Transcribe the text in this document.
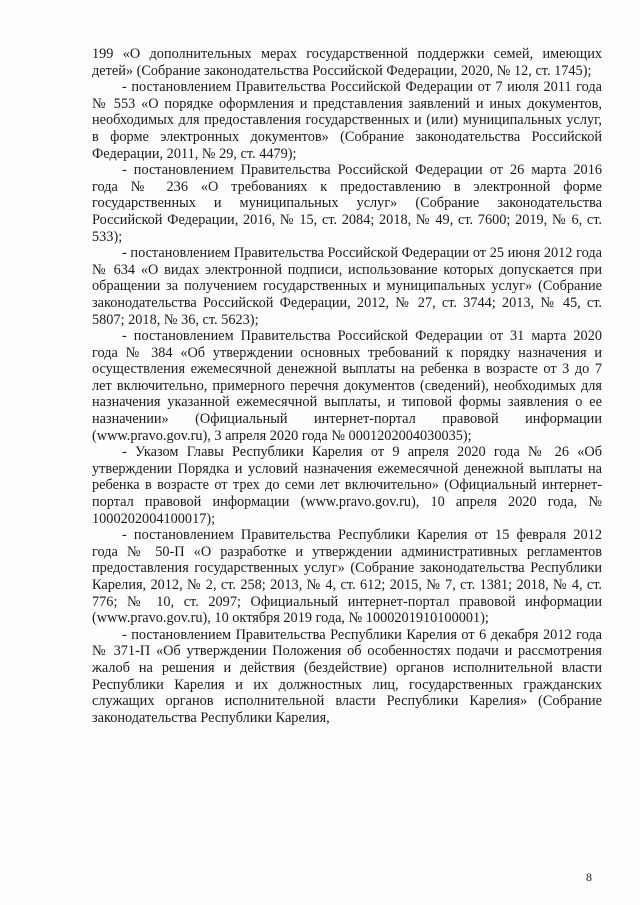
199 «О дополнительных мерах государственной поддержки семей, имеющих детей» (Собрание законодательства Российской Федерации, 2020, № 12, ст. 1745);

- постановлением Правительства Российской Федерации от 7 июля 2011 года № 553 «О порядке оформления и представления заявлений и иных документов, необходимых для предоставления государственных и (или) муниципальных услуг, в форме электронных документов» (Собрание законодательства Российской Федерации, 2011, № 29, ст. 4479);

- постановлением Правительства Российской Федерации от 26 марта 2016 года № 236 «О требованиях к предоставлению в электронной форме государственных и муниципальных услуг» (Собрание законодательства Российской Федерации, 2016, № 15, ст. 2084; 2018, № 49, ст. 7600; 2019, № 6, ст. 533);

- постановлением Правительства Российской Федерации от 25 июня 2012 года № 634 «О видах электронной подписи, использование которых допускается при обращении за получением государственных и муниципальных услуг» (Собрание законодательства Российской Федерации, 2012, № 27, ст. 3744; 2013, № 45, ст. 5807; 2018, № 36, ст. 5623);

- постановлением Правительства Российской Федерации от 31 марта 2020 года № 384 «Об утверждении основных требований к порядку назначения и осуществления ежемесячной денежной выплаты на ребенка в возрасте от 3 до 7 лет включительно, примерного перечня документов (сведений), необходимых для назначения указанной ежемесячной выплаты, и типовой формы заявления о ее назначении» (Официальный интернет-портал правовой информации (www.pravo.gov.ru), 3 апреля 2020 года № 0001202004030035);

- Указом Главы Республики Карелия от 9 апреля 2020 года № 26 «Об утверждении Порядка и условий назначения ежемесячной денежной выплаты на ребенка в возрасте от трех до семи лет включительно» (Официальный интернет-портал правовой информации (www.pravo.gov.ru), 10 апреля 2020 года, № 1000202004100017);

- постановлением Правительства Республики Карелия от 15 февраля 2012 года № 50-П «О разработке и утверждении административных регламентов предоставления государственных услуг» (Собрание законодательства Республики Карелия, 2012, № 2, ст. 258; 2013, № 4, ст. 612; 2015, № 7, ст. 1381; 2018, № 4, ст. 776; № 10, ст. 2097; Официальный интернет-портал правовой информации (www.pravo.gov.ru), 10 октября 2019 года, № 1000201910100001);

- постановлением Правительства Республики Карелия от 6 декабря 2012 года № 371-П «Об утверждении Положения об особенностях подачи и рассмотрения жалоб на решения и действия (бездействие) органов исполнительной власти Республики Карелия и их должностных лиц, государственных гражданских служащих органов исполнительной власти Республики Карелия» (Собрание законодательства Республики Карелия,

8
